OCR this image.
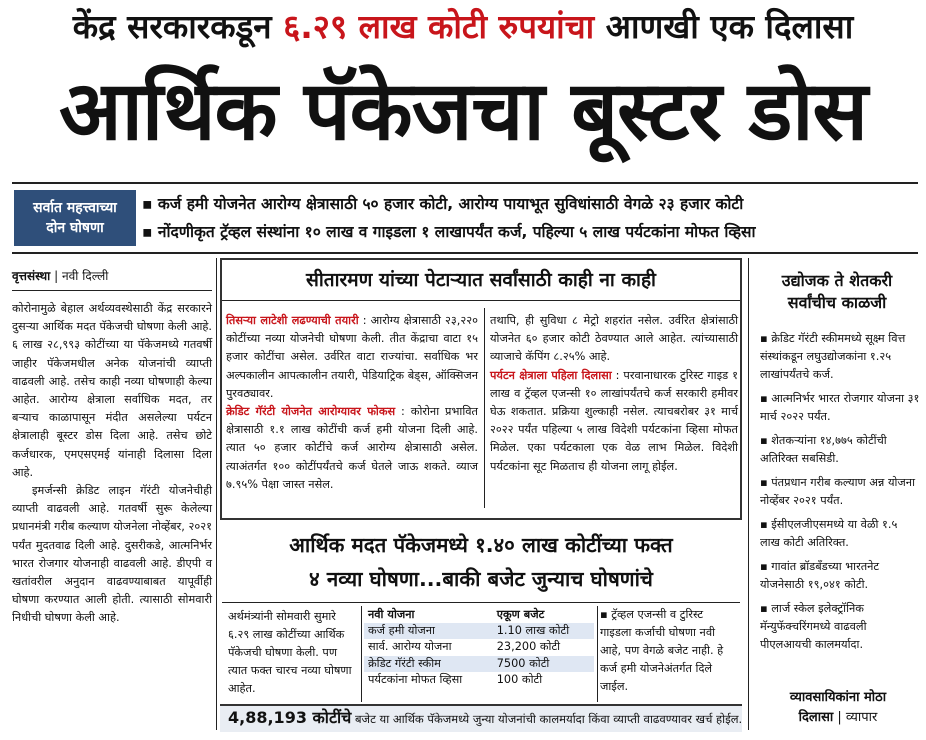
केंद्र सरकारकडून ६.२९ लाख कोटी रुपयांचा आणखी एक दिलासा
आर्थिक पॅकेजचा बूस्टर डोस
सर्वात महत्त्वाच्या
दोन घोषणा
▪ कर्ज हमी योजनेत आरोग्य क्षेत्रासाठी ५० हजार कोटी, आरोग्य पायाभूत सुविधांसाठी वेगळे २३ हजार कोटी
▪ नोंदणीकृत ट्रॅव्हल संस्थांना १० लाख व गाइडला १ लाखापर्यंत कर्ज, पहिल्या ५ लाख पर्यटकांना मोफत व्हिसा
वृत्तसंस्था | नवी दिल्ली

कोरोनामुळे बेहाल अर्थव्यवस्थेसाठी केंद्र सरकारने दुसऱ्या आर्थिक मदत पॅकेजची घोषणा केली आहे. ६ लाख २८,९९३ कोटींच्या या पॅकेजमध्ये गतवर्षी जाहीर पॅकेजमधील अनेक योजनांची व्याप्ती वाढवली आहे. तसेच काही नव्या घोषणाही केल्या आहेत. आरोग्य क्षेत्राला सर्वाधिक मदत, तर बऱ्याच काळापासून मंदीत असलेल्या पर्यटन क्षेत्रालाही बूस्टर डोस दिला आहे. तसेच छोटे कर्जधारक, एमएसएमई यांनाही दिलासा दिला आहे.

इमर्जन्सी क्रेडिट लाइन गॅरंटी योजनेचीही व्याप्ती वाढवली आहे. गतवर्षी सुरू केलेल्या प्रधानमंत्री गरीब कल्याण योजनेला नोव्हेंबर, २०२१ पर्यंत मुदतवाढ दिली आहे. दुसरीकडे, आत्मनिर्भर भारत रोजगार योजनाही वाढवली आहे. डीएपी व खतांवरील अनुदान वाढवण्याबाबत यापूर्वीही घोषणा करण्यात आली होती. त्यासाठी सोमवारी निधीची घोषणा केली आहे.

सीतारमण यांच्या पेटाऱ्यात सर्वांसाठी काही ना काही

तिसऱ्या लाटेशी लढण्याची तयारी : आरोग्य क्षेत्रासाठी २३,२२० कोटींच्या नव्या योजनेची घोषणा केली. तीत केंद्राचा वाटा १५ हजार कोटींचा असेल. उर्वरित वाटा राज्यांचा. सर्वाधिक भर अल्पकालीन आपत्कालीन तयारी, पेडियाट्रिक बेड्स, ऑक्सिजन पुरवठ्यावर.

क्रेडिट गॅरंटी योजनेत आरोग्यावर फोकस : कोरोना प्रभावित क्षेत्रासाठी १.१ लाख कोटींची कर्ज हमी योजना दिली आहे. त्यात ५० हजार कोटींचे कर्ज आरोग्य क्षेत्रासाठी असेल. त्याअंतर्गत १०० कोटींपर्यंतचे कर्ज घेतले जाऊ शकते. व्याज ७.९५% पेक्षा जास्त नसेल.

तथापि, ही सुविधा ८ मेट्रो शहरांत नसेल. उर्वरित क्षेत्रांसाठी योजनेत ६० हजार कोटी ठेवण्यात आले आहेत. त्यांच्यासाठी व्याजाचे कॅपिंग ८.२५% आहे.

पर्यटन क्षेत्राला पहिला दिलासा : परवानाधारक टुरिस्ट गाइड १ लाख व ट्रॅव्हल एजन्सी १० लाखांपर्यंतचे कर्ज सरकारी हमीवर घेऊ शकतात. प्रक्रिया शुल्काही नसेल. त्याचबरोबर ३१ मार्च २०२२ पर्यंत पहिल्या ५ लाख विदेशी पर्यटकांना व्हिसा मोफत मिळेल. एका पर्यटकाला एक वेळ लाभ मिळेल. विदेशी पर्यटकांना सूट मिळताच ही योजना लागू होईल.

आर्थिक मदत पॅकेजमध्ये १.४० लाख कोटींच्या फक्त
४ नव्या घोषणा...बाकी बजेट जुन्याच घोषणांचे
अर्थमंत्र्यांनी सोमवारी सुमारे ६.२९ लाख कोटींच्या आर्थिक पॅकेजची घोषणा केली. पण त्यात फक्त चारच नव्या घोषणा आहेत.
नवी योजना	एकूण बजेट
कर्ज हमी योजना	1.10 लाख कोटी
सार्व. आरोग्य योजना	23,200 कोटी
क्रेडिट गॅरंटी स्कीम	7500 कोटी
पर्यटकांना मोफत व्हिसा	100 कोटी
▪ ट्रॅव्हल एजन्सी व टुरिस्ट गाइडला कर्जाची घोषणा नवी आहे, पण वेगळे बजेट नाही. हे कर्ज हमी योजनेअंतर्गत दिले जाईल.
4,88,193 कोटींचे बजेट या आर्थिक पॅकेजमध्ये जुन्या योजनांची कालमर्यादा किंवा व्याप्ती वाढवण्यावर खर्च होईल.
उद्योजक ते शेतकरी
सर्वांचीच काळजी
▪ क्रेडिट गॅरंटी स्कीममध्ये सूक्ष्म वित्त संस्थांकडून लघुउद्योजकांना १.२५ लाखांपर्यंतचे कर्ज.
▪ आत्मनिर्भर भारत रोजगार योजना ३१ मार्च २०२२ पर्यंत.
▪ शेतकऱ्यांना १४,७७५ कोटींची अतिरिक्त सबसिडी.
▪ पंतप्रधान गरीब कल्याण अन्न योजना नोव्हेंबर २०२१ पर्यंत.
▪ ईसीएलजीएसमध्ये या वेळी १.५ लाख कोटी अतिरिक्त.
▪ गावांत ब्रॉडबँडच्या भारतनेट योजनेसाठी १९,०४१ कोटी.
▪ लार्ज स्केल इलेक्ट्रॉनिक मॅन्युफॅक्चरिंगमध्ये वाढवली पीएलआयची कालमर्यादा.
व्यावसायिकांना मोठा
दिलासा | व्यापार
